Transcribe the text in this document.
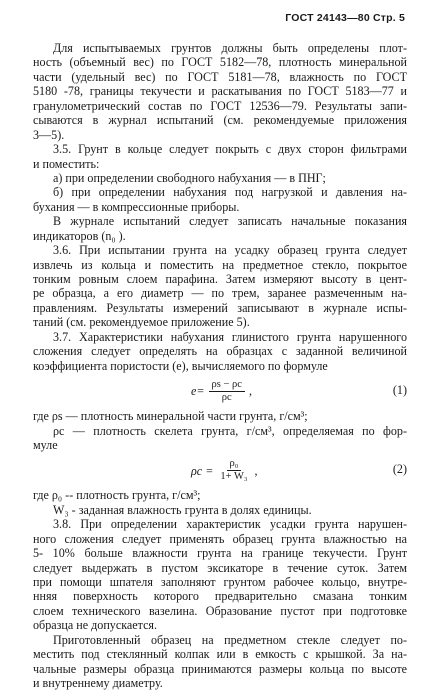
ГОСТ 24143—80 Стр. 5
Для испытываемых грунтов должны быть определены плот-
ность (объемный вес) по ГОСТ 5182—78, плотность минеральной
части (удельный вес) по ГОСТ 5181—78, влажность по ГОСТ
5180 -78, границы текучести и раскатывания по ГОСТ 5183—77 и
гранулометрический состав по ГОСТ 12536—79. Результаты запи-
сываются в журнал испытаний (см. рекомендуемые приложения
3—5).
3.5. Грунт в кольце следует покрыть с двух сторон фильтрами
и поместить:
а) при определении свободного набухания — в ПНГ;
б) при определении набухания под нагрузкой и давления на-
бухания — в компрессионные приборы.
В журнале испытаний следует записать начальные показания
индикаторов (n₀ ).
3.6. При испытании грунта на усадку образец грунта следует
извлечь из кольца и поместить на предметное стекло, покрытое
тонким ровным слоем парафина. Затем измеряют высоту в цент-
ре образца, а его диаметр — по трем, заранее размеченным на-
правлениям. Результаты измерений записывают в журнале испы-
таний (см. рекомендуемое приложение 5).
3.7. Характеристики набухания глинистого грунта нарушенного
сложения следует определять на образцах с заданной величиной
коэффициента пористости (e), вычисляемого по формуле
$e= \frac{\rho s - \rho c}{\rho c}$ ,	(1)
где ρs — плотность минеральной части грунта, г/см³;
ρc — плотность скелета грунта, г/см³, определяемая по фор-
муле
$\rho c = \frac{\text{ρ₀}}{\text{1+ W₃}}$ ,	(2)
где ρ₀ -- плотность грунта, г/см³;
W₃ - заданная влажность грунта в долях единицы.
3.8. При определении характеристик усадки грунта нарушен-
ного сложения следует применять образец грунта влажностью на
5- 10% больше влажности грунта на границе текучести. Грунт
следует выдержать в пустом эксикаторе в течение суток. Затем
при помощи шпателя заполняют грунтом рабочее кольцо, внутре-
нняя поверхность которого предварительно смазана тонким
слоем технического вазелина. Образование пустот при подготовке
образца не допускается.
Приготовленный образец на предметном стекле следует по-
местить под стеклянный колпак или в емкость с крышкой. За на-
чальные размеры образца принимаются размеры кольца по высоте
и внутреннему диаметру.
